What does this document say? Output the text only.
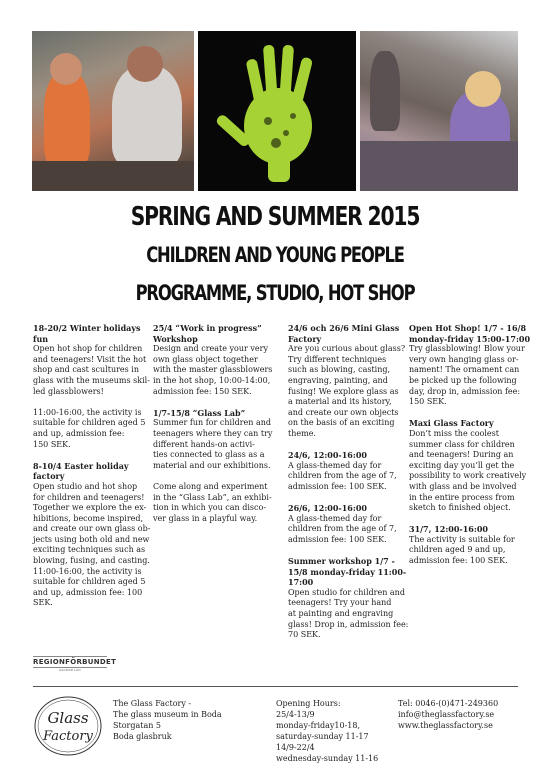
SPRING AND SUMMER 2015
CHILDREN AND YOUNG PEOPLE
PROGRAMME, STUDIO, HOT SHOP

18-20/2 Winter holidays fun
Open hot shop for children
and teenagers! Visit the hot
shop and cast scultures in
glass with the museums skil-
led glassblowers!

11:00-16:00, the activity is
suitable for children aged 5
and up, admission fee:
150 SEK.

8-10/4 Easter holiday factory
Open studio and hot shop
for children and teenagers!
Together we explore the ex-
hibitions, become inspired,
and create our own glass ob-
jects using both old and new
exciting techniques such as
blowing, fusing, and casting.
11:00-16:00, the activity is
suitable for children aged 5
and up, admission fee: 100
SEK.

25/4 “Work in progress” Workshop
Design and create your very
own glass object together
with the master glassblowers
in the hot shop, 10:00-14:00,
admission fee: 150 SEK.

1/7-15/8 “Glass Lab”
Summer fun for children and
teenagers where they can try
different hands-on activi-
ties connected to glass as a
material and our exhibitions.

Come along and experiment
in the “Glass Lab”, an exhibi-
tion in which you can disco-
ver glass in a playful way.

24/6 och 26/6 Mini Glass Factory
Are you curious about glass?
Try different techniques
such as blowing, casting,
engraving, painting, and
fusing! We explore glass as
a material and its history,
and create our own objects
on the basis of an exciting
theme.

24/6, 12:00-16:00
A glass-themed day for
children from the age of 7,
admission fee: 100 SEK.

26/6, 12:00-16:00
A glass-themed day for
children from the age of 7,
admission fee: 100 SEK.

Summer workshop 1/7 - 15/8 monday-friday 11:00-17:00
Open studio for children and
teenagers! Try your hand
at painting and engraving
glass! Drop in, admission fee:
70 SEK.

Open Hot Shop! 1/7 - 16/8 monday-friday 15:00-17:00
Try glassblowing! Blow your
very own hanging glass or-
nament! The ornament can
be picked up the following
day, drop in, admission fee:
150 SEK.

Maxi Glass Factory
Don’t miss the coolest
summer class for children
and teenagers! During an
exciting day you’ll get the
possibility to work creatively
with glass and be involved
in the entire process from
sketch to finished object.

31/7, 12:00-16:00
The activity is suitable for
children aged 9 and up,
admission fee: 100 SEK.

REGIONFÖRBUNDET
KALMAR LÄN
Glass
Factory
The Glass Factory -
The glass museum in Boda
Storgatan 5
Boda glasbruk
Opening Hours:
25/4-13/9
monday-friday10-18,
saturday-sunday 11-17
14/9-22/4
wednesday-sunday 11-16
Tel: 0046-(0)471-249360
info@theglassfactory.se
www.theglassfactory.se
